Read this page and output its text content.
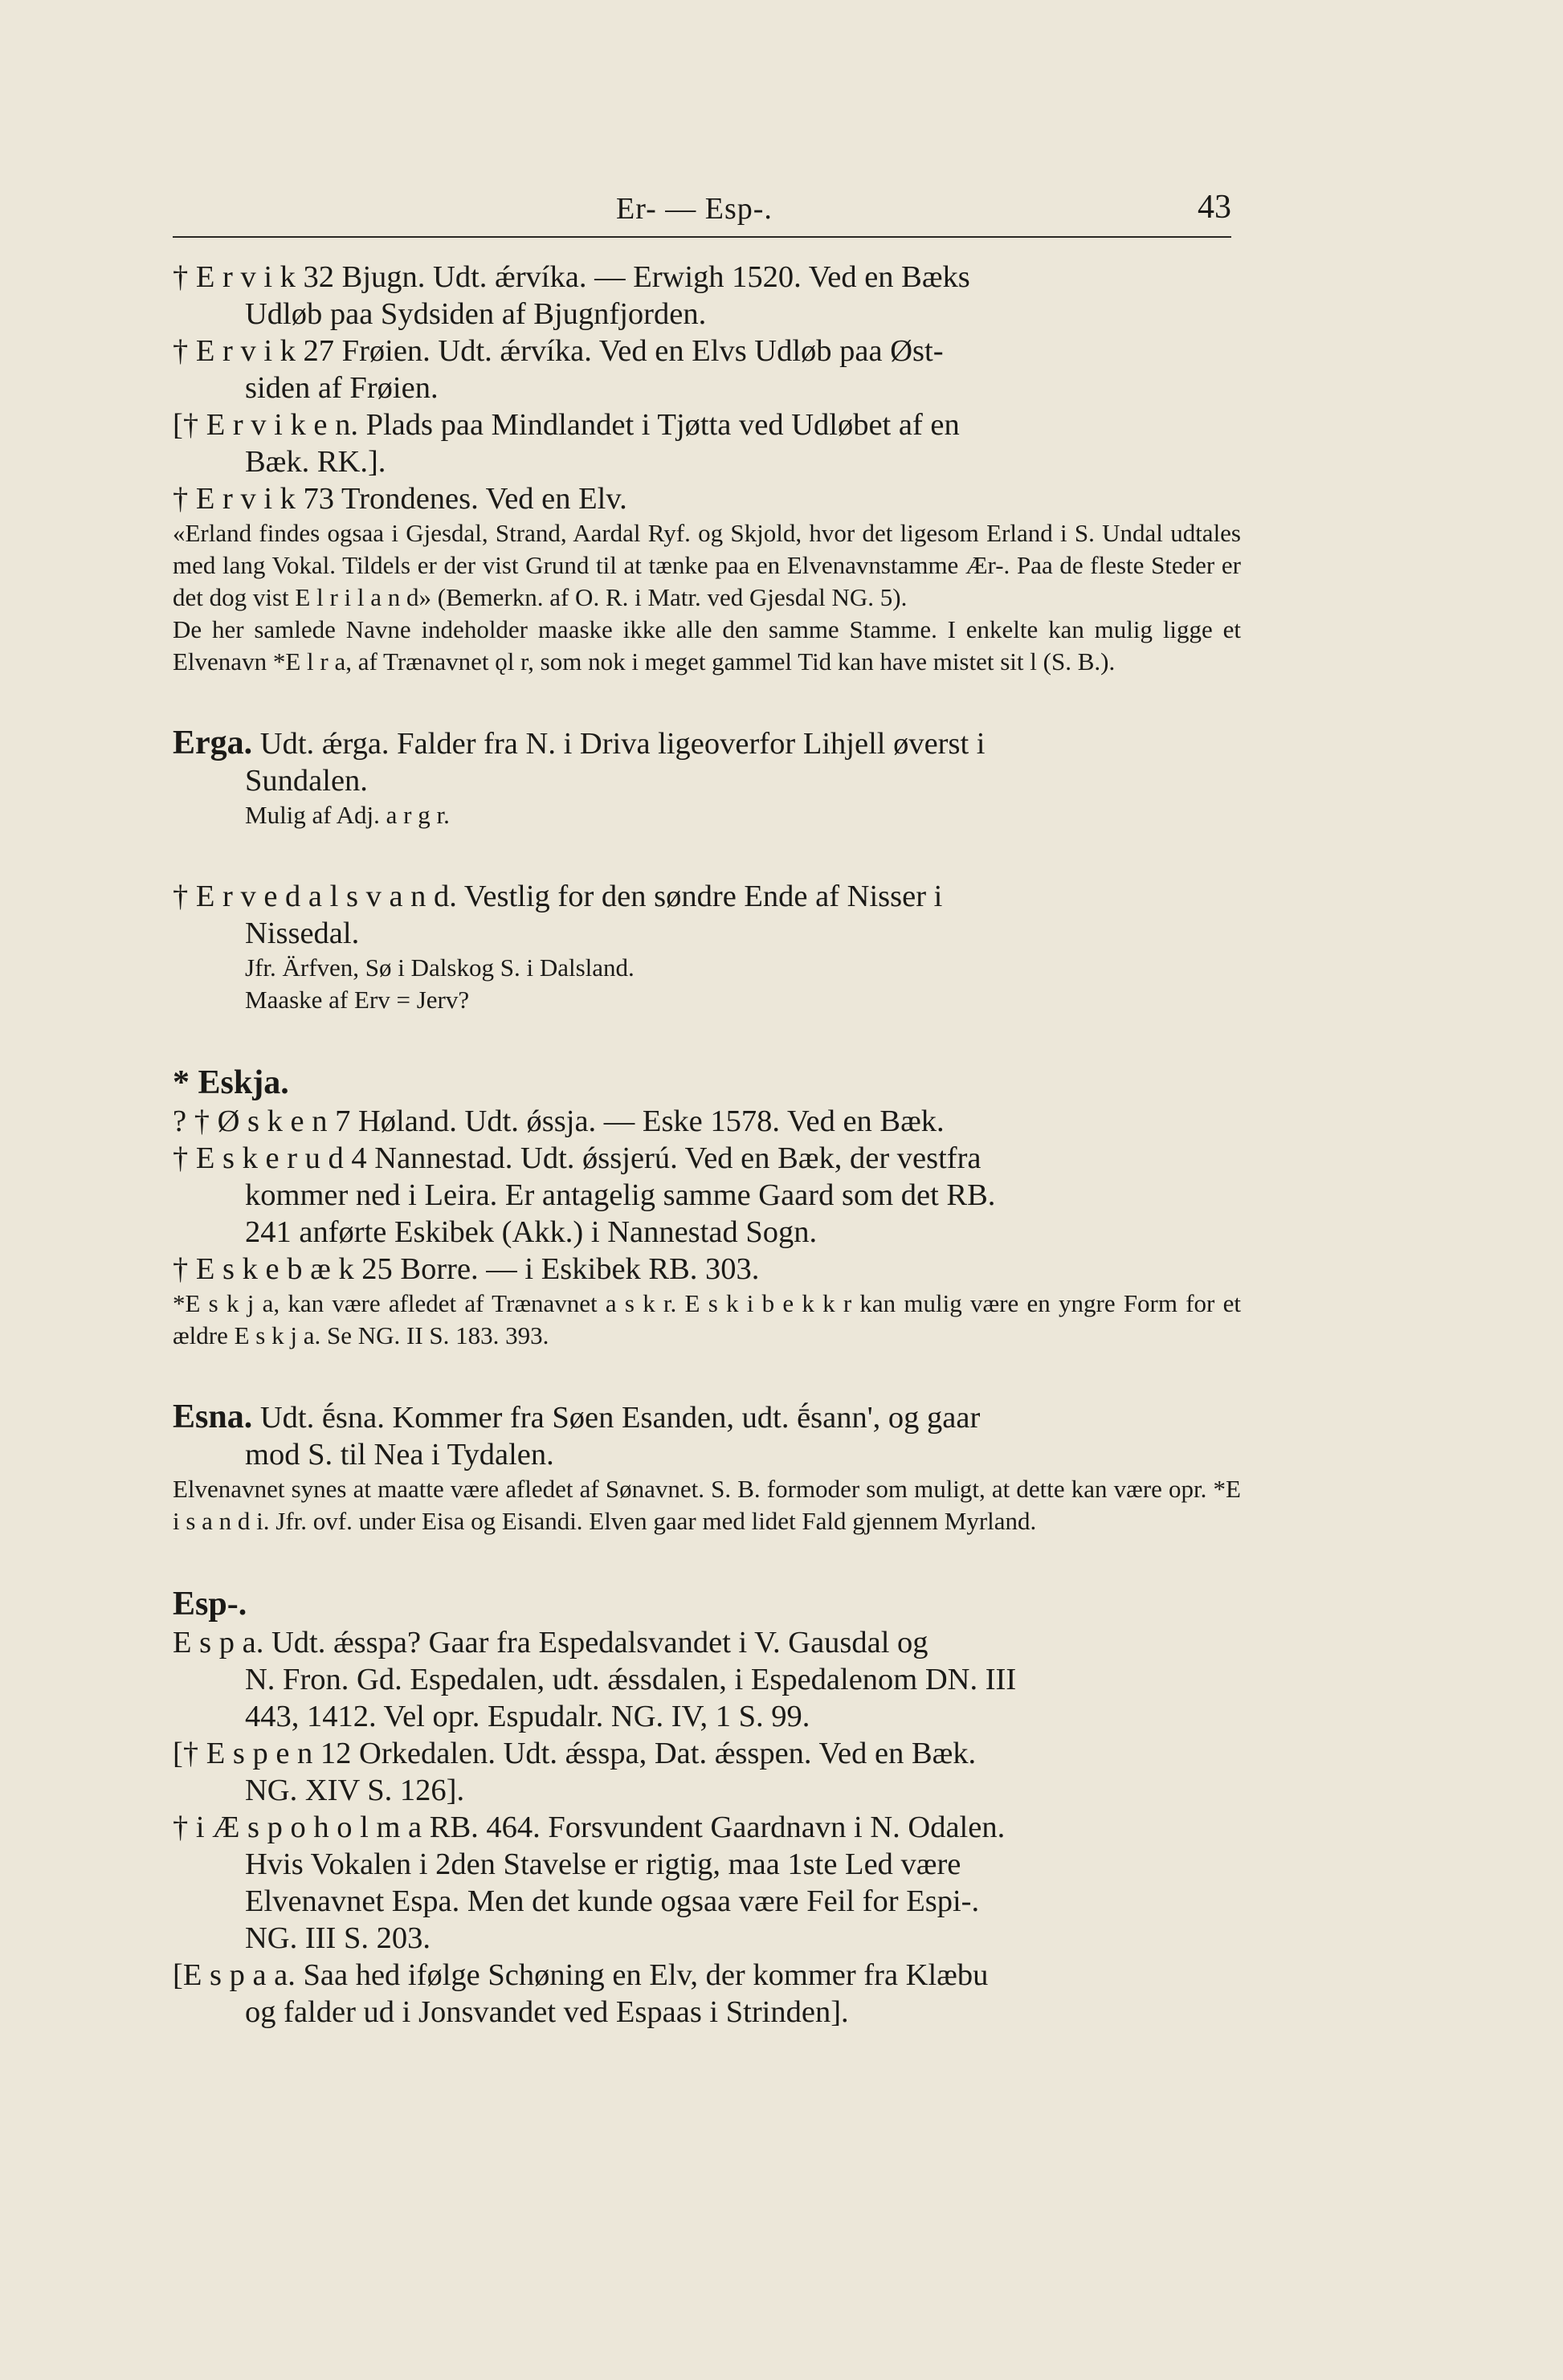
Er- — Esp-.	43
† E r v i k 32 Bjugn. Udt. ǽrvíka. — Erwigh 1520. Ved en Bæks
Udløb paa Sydsiden af Bjugnfjorden.
† E r v i k 27 Frøien. Udt. ǽrvíka. Ved en Elvs Udløb paa Øst-
siden af Frøien.
[† E r v i k e n. Plads paa Mindlandet i Tjøtta ved Udløbet af en
Bæk. RK.].
† E r v i k 73 Trondenes. Ved en Elv.
«Erland findes ogsaa i Gjesdal, Strand, Aardal Ryf. og Skjold, hvor det ligesom Erland i S. Undal udtales med lang Vokal. Tildels er der vist Grund til at tænke paa en Elvenavnstamme Ær-. Paa de fleste Steder er det dog vist E l r i l a n d» (Bemerkn. af O. R. i Matr. ved Gjesdal NG. 5).
De her samlede Navne indeholder maaske ikke alle den samme Stamme. I enkelte kan mulig ligge et Elvenavn *E l r a, af Trænavnet ǫl r, som nok i meget gammel Tid kan have mistet sit l (S. B.).
Erga. Udt. ǽrga. Falder fra N. i Driva ligeoverfor Lihjell øverst i
Sundalen.
Mulig af Adj. a r g r.
† E r v e d a l s v a n d. Vestlig for den søndre Ende af Nisser i
Nissedal.
Jfr. Ärfven, Sø i Dalskog S. i Dalsland.
Maaske af Erv = Jerv?
* Eskja.
? † Ø s k e n 7 Høland. Udt. ǿssja. — Eske 1578. Ved en Bæk.
† E s k e r u d 4 Nannestad. Udt. ǿssjerú. Ved en Bæk, der vestfra
kommer ned i Leira. Er antagelig samme Gaard som det RB.
241 anførte Eskibek (Akk.) i Nannestad Sogn.
† E s k e b æ k 25 Borre. — i Eskibek RB. 303.
*E s k j a, kan være afledet af Trænavnet a s k r. E s k i b e k k r kan mulig være en yngre Form for et ældre E s k j a. Se NG. II S. 183. 393.
Esna. Udt. ḗsna. Kommer fra Søen Esanden, udt. ḗsann', og gaar
mod S. til Nea i Tydalen.
Elvenavnet synes at maatte være afledet af Sønavnet. S. B. formoder som muligt, at dette kan være opr. *E i s a n d i. Jfr. ovf. under Eisa og Eisandi. Elven gaar med lidet Fald gjennem Myrland.
Esp-.
E s p a. Udt. ǽsspa? Gaar fra Espedalsvandet i V. Gausdal og
N. Fron. Gd. Espedalen, udt. ǽssdalen, i Espedalenom DN. III
443, 1412. Vel opr. Espudalr. NG. IV, 1 S. 99.
[† E s p e n 12 Orkedalen. Udt. ǽsspa, Dat. ǽsspen. Ved en Bæk.
NG. XIV S. 126].
† i Æ s p o h o l m a RB. 464. Forsvundent Gaardnavn i N. Odalen.
Hvis Vokalen i 2den Stavelse er rigtig, maa 1ste Led være
Elvenavnet Espa. Men det kunde ogsaa være Feil for Espi-.
NG. III S. 203.
[E s p a a. Saa hed ifølge Schøning en Elv, der kommer fra Klæbu
og falder ud i Jonsvandet ved Espaas i Strinden].
